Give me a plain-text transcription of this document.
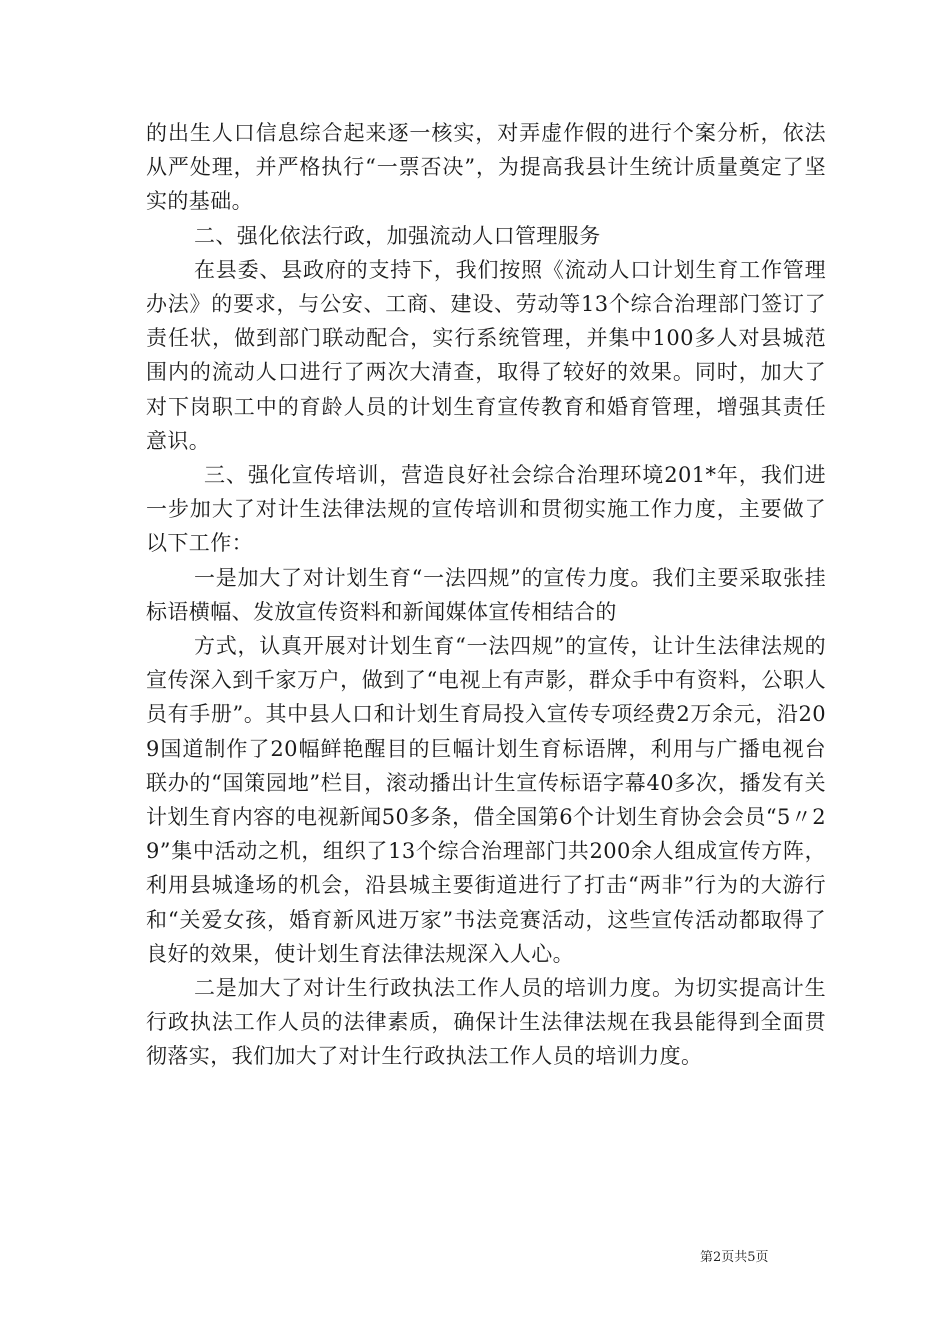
的出生人口信息综合起来逐一核实，对弄虚作假的进行个案分析，依法从严处理，并严格执行“一票否决”，为提高我县计生统计质量奠定了坚实的基础。

二、强化依法行政，加强流动人口管理服务

在县委、县政府的支持下，我们按照《流动人口计划生育工作管理办法》的要求，与公安、工商、建设、劳动等13个综合治理部门签订了责任状，做到部门联动配合，实行系统管理，并集中100多人对县城范围内的流动人口进行了两次大清查，取得了较好的效果。同时，加大了对下岗职工中的育龄人员的计划生育宣传教育和婚育管理，增强其责任意识。

三、强化宣传培训，营造良好社会综合治理环境201*年，我们进一步加大了对计生法律法规的宣传培训和贯彻实施工作力度，主要做了以下工作：

一是加大了对计划生育“一法四规”的宣传力度。我们主要采取张挂标语横幅、发放宣传资料和新闻媒体宣传相结合的

方式，认真开展对计划生育“一法四规”的宣传，让计生法律法规的宣传深入到千家万户，做到了“电视上有声影，群众手中有资料，公职人员有手册”。其中县人口和计划生育局投入宣传专项经费2万余元，沿209国道制作了20幅鲜艳醒目的巨幅计划生育标语牌，利用与广播电视台联办的“国策园地”栏目，滚动播出计生宣传标语字幕40多次，播发有关计划生育内容的电视新闻50多条，借全国第6个计划生育协会会员“5〃29”集中活动之机，组织了13个综合治理部门共200余人组成宣传方阵，利用县城逢场的机会，沿县城主要街道进行了打击“两非”行为的大游行和“关爱女孩，婚育新风进万家”书法竞赛活动，这些宣传活动都取得了良好的效果，使计划生育法律法规深入人心。

二是加大了对计生行政执法工作人员的培训力度。为切实提高计生行政执法工作人员的法律素质，确保计生法律法规在我县能得到全面贯彻落实，我们加大了对计生行政执法工作人员的培训力度。

第2页共5页
